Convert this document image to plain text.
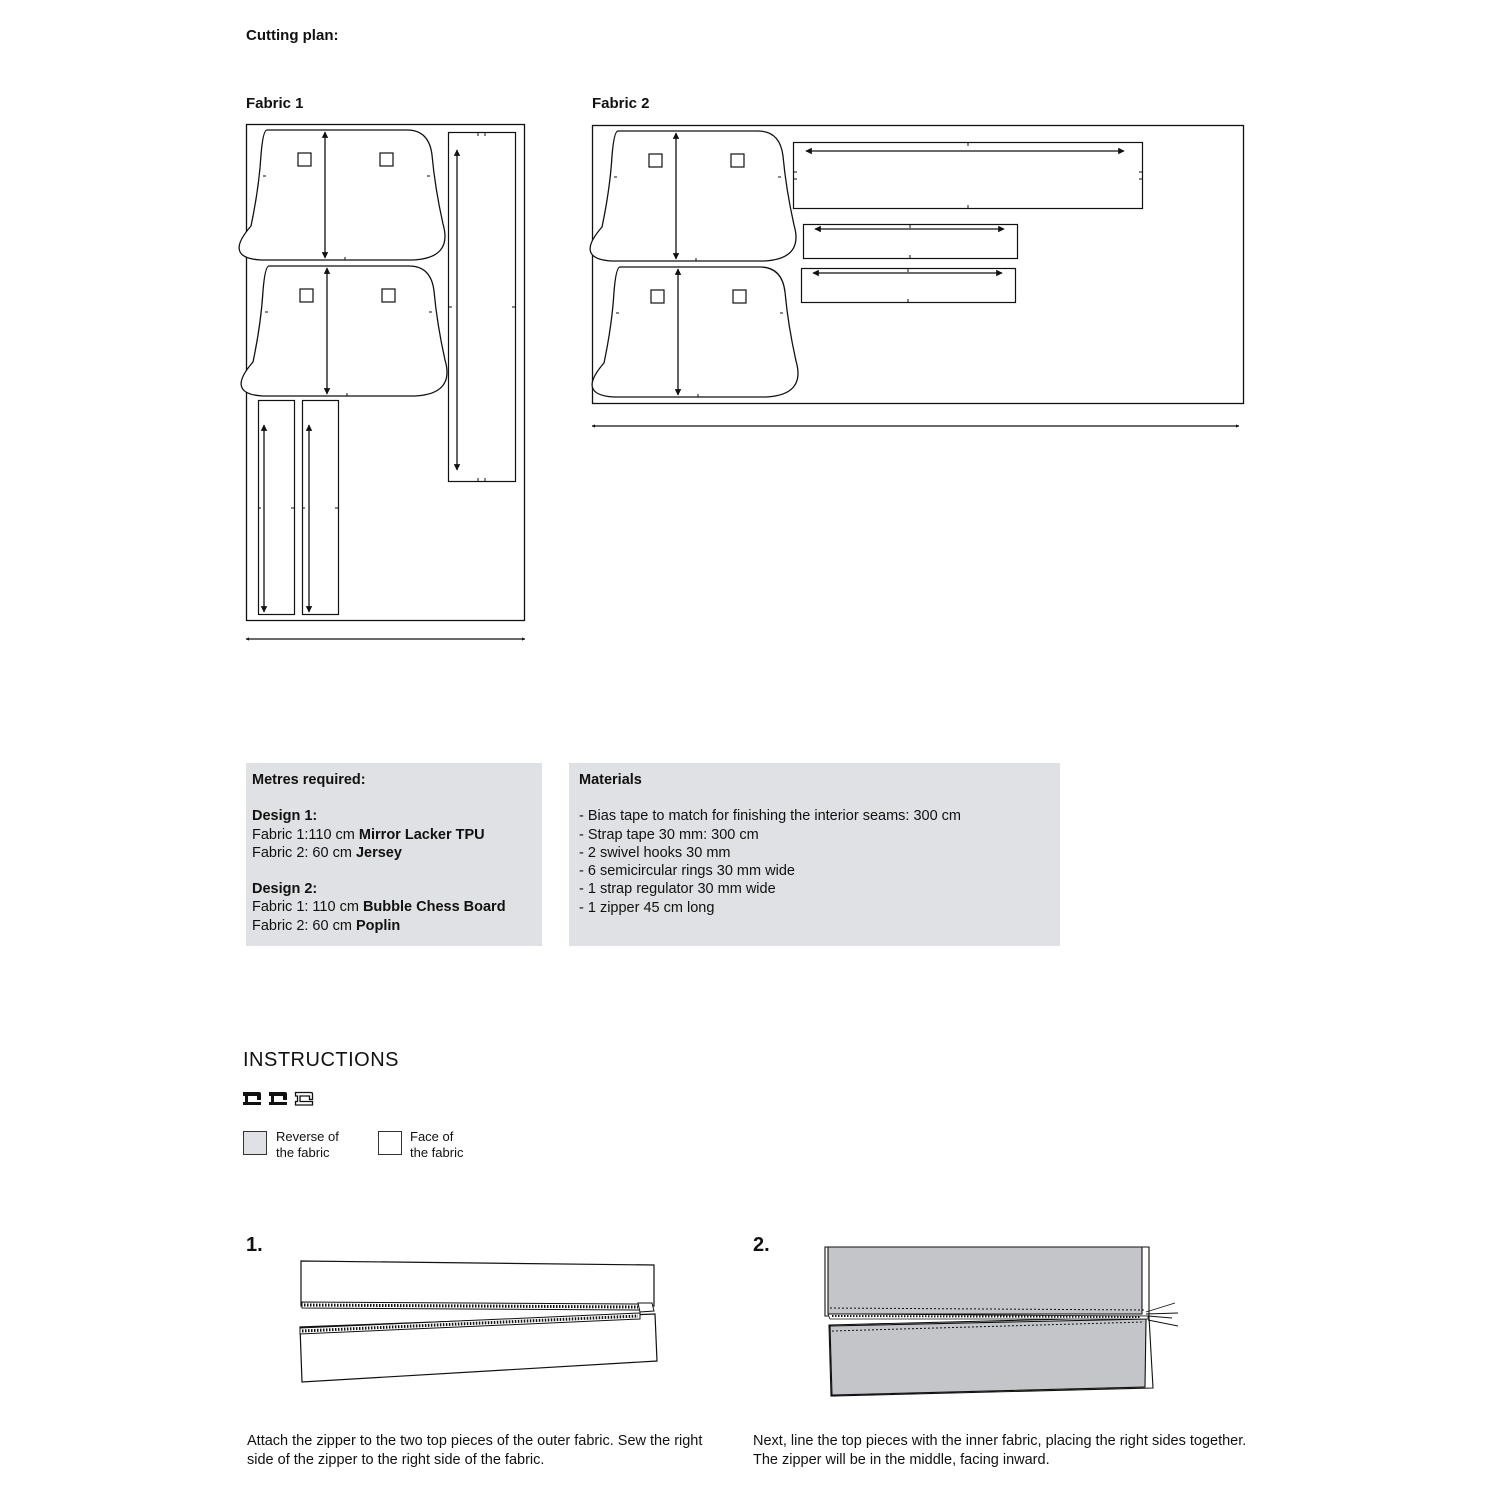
Cutting plan:
Fabric 1	Fabric 2
Metres required:
Design 1:
Fabric 1:110 cm Mirror Lacker TPU
Fabric 2: 60 cm Jersey
Design 2:
Fabric 1: 110 cm Bubble Chess Board
Fabric 2: 60 cm Poplin
Materials
- Bias tape to match for finishing the interior seams: 300 cm
- Strap tape 30 mm: 300 cm
- 2 swivel hooks 30 mm
- 6 semicircular rings 30 mm wide
- 1 strap regulator 30 mm wide
- 1 zipper 45 cm long
INSTRUCTIONS
Reverse of
the fabric
Face of
the fabric
1.
Attach the zipper to the two top pieces of the outer fabric. Sew the right side of the zipper to the right side of the fabric.
2.
Next, line the top pieces with the inner fabric, placing the right sides together. The zipper will be in the middle, facing inward.
